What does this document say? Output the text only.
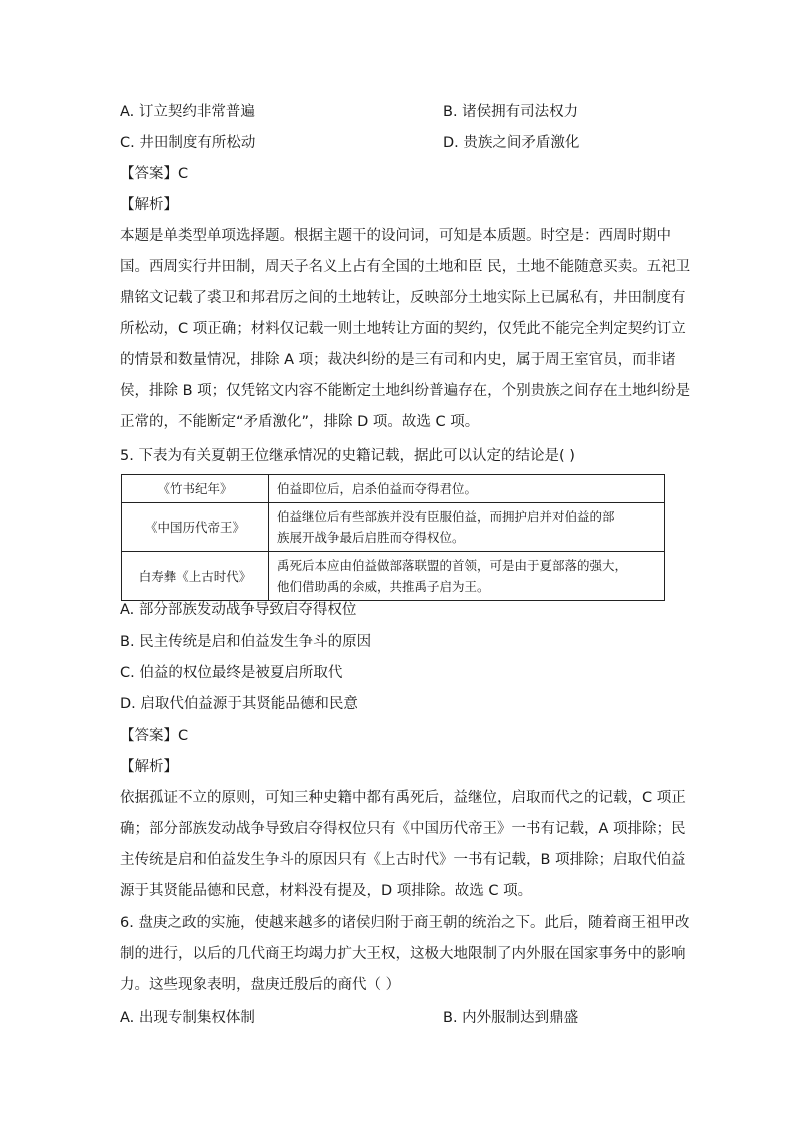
A. 订立契约非常普遍	B. 诸侯拥有司法权力
C. 井田制度有所松动	D. 贵族之间矛盾激化
【答案】C
【解析】
本题是单类型单项选择题。根据主题干的设问词，可知是本质题。时空是：西周时期中
国。西周实行井田制，周天子名义上占有全国的土地和臣 民，土地不能随意买卖。五祀卫
鼎铭文记载了裘卫和邦君厉之间的土地转让，反映部分土地实际上已属私有，井田制度有
所松动，C 项正确；材料仅记载一则土地转让方面的契约，仅凭此不能完全判定契约订立
的情景和数量情况，排除 A 项；裁决纠纷的是三有司和内史，属于周王室官员，而非诸
侯，排除 B 项；仅凭铭文内容不能断定土地纠纷普遍存在，个别贵族之间存在土地纠纷是
正常的，不能断定“矛盾激化”，排除 D 项。故选 C 项。
5. 下表为有关夏朝王位继承情况的史籍记载，据此可以认定的结论是( )
《竹书纪年》	伯益即位后，启杀伯益而夺得君位。

《中国历代帝王》	伯益继位后有些部族并没有臣服伯益，而拥护启并对伯益的部
族展开战争最后启胜而夺得权位。

白寿彝《上古时代》	禹死后本应由伯益做部落联盟的首领，可是由于夏部落的强大，
他们借助禹的余威，共推禹子启为王。
A. 部分部族发动战争导致启夺得权位
B. 民主传统是启和伯益发生争斗的原因
C. 伯益的权位最终是被夏启所取代
D. 启取代伯益源于其贤能品德和民意
【答案】C
【解析】
依据孤证不立的原则，可知三种史籍中都有禹死后，益继位，启取而代之的记载，C 项正
确；部分部族发动战争导致启夺得权位只有《中国历代帝王》一书有记载，A 项排除；民
主传统是启和伯益发生争斗的原因只有《上古时代》一书有记载，B 项排除；启取代伯益
源于其贤能品德和民意，材料没有提及，D 项排除。故选 C 项。
6. 盘庚之政的实施，使越来越多的诸侯归附于商王朝的统治之下。此后，随着商王祖甲改
制的进行，以后的几代商王均竭力扩大王权，这极大地限制了内外服在国家事务中的影响
力。这些现象表明，盘庚迁殷后的商代（ ）
A. 出现专制集权体制	B. 内外服制达到鼎盛
